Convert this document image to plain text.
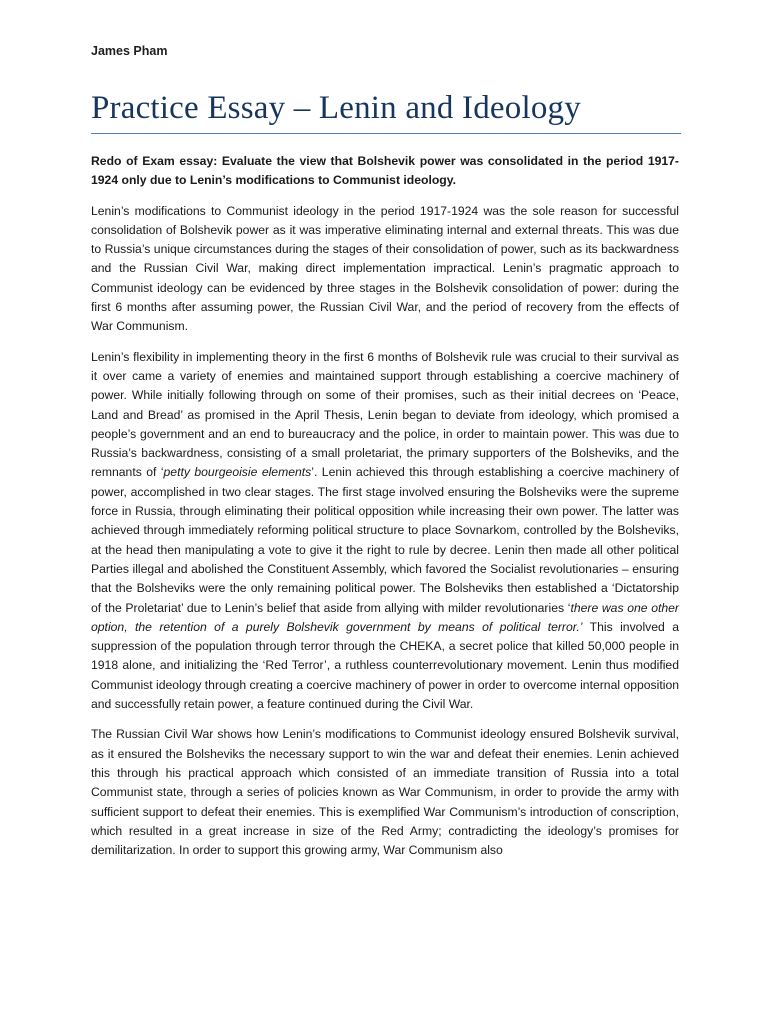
James Pham
Practice Essay – Lenin and Ideology

Redo of Exam essay: Evaluate the view that Bolshevik power was consolidated in the period 1917-1924 only due to Lenin’s modifications to Communist ideology.

Lenin’s modifications to Communist ideology in the period 1917-1924 was the sole reason for successful consolidation of Bolshevik power as it was imperative eliminating internal and external threats. This was due to Russia’s unique circumstances during the stages of their consolidation of power, such as its backwardness and the Russian Civil War, making direct implementation impractical. Lenin’s pragmatic approach to Communist ideology can be evidenced by three stages in the Bolshevik consolidation of power: during the first 6 months after assuming power, the Russian Civil War, and the period of recovery from the effects of War Communism.

Lenin’s flexibility in implementing theory in the first 6 months of Bolshevik rule was crucial to their survival as it over came a variety of enemies and maintained support through establishing a coercive machinery of power. While initially following through on some of their promises, such as their initial decrees on ‘Peace, Land and Bread’ as promised in the April Thesis, Lenin began to deviate from ideology, which promised a people’s government and an end to bureaucracy and the police, in order to maintain power. This was due to Russia’s backwardness, consisting of a small proletariat, the primary supporters of the Bolsheviks, and the remnants of ‘petty bourgeoisie elements’. Lenin achieved this through establishing a coercive machinery of power, accomplished in two clear stages. The first stage involved ensuring the Bolsheviks were the supreme force in Russia, through eliminating their political opposition while increasing their own power. The latter was achieved through immediately reforming political structure to place Sovnarkom, controlled by the Bolsheviks, at the head then manipulating a vote to give it the right to rule by decree. Lenin then made all other political Parties illegal and abolished the Constituent Assembly, which favored the Socialist revolutionaries – ensuring that the Bolsheviks were the only remaining political power. The Bolsheviks then established a ‘Dictatorship of the Proletariat’ due to Lenin’s belief that aside from allying with milder revolutionaries ‘there was one other option, the retention of a purely Bolshevik government by means of political terror.’ This involved a suppression of the population through terror through the CHEKA, a secret police that killed 50,000 people in 1918 alone, and initializing the ‘Red Terror’, a ruthless counterrevolutionary movement. Lenin thus modified Communist ideology through creating a coercive machinery of power in order to overcome internal opposition and successfully retain power, a feature continued during the Civil War.

The Russian Civil War shows how Lenin’s modifications to Communist ideology ensured Bolshevik survival, as it ensured the Bolsheviks the necessary support to win the war and defeat their enemies. Lenin achieved this through his practical approach which consisted of an immediate transition of Russia into a total Communist state, through a series of policies known as War Communism, in order to provide the army with sufficient support to defeat their enemies. This is exemplified War Communism’s introduction of conscription, which resulted in a great increase in size of the Red Army; contradicting the ideology’s promises for demilitarization. In order to support this growing army, War Communism also
